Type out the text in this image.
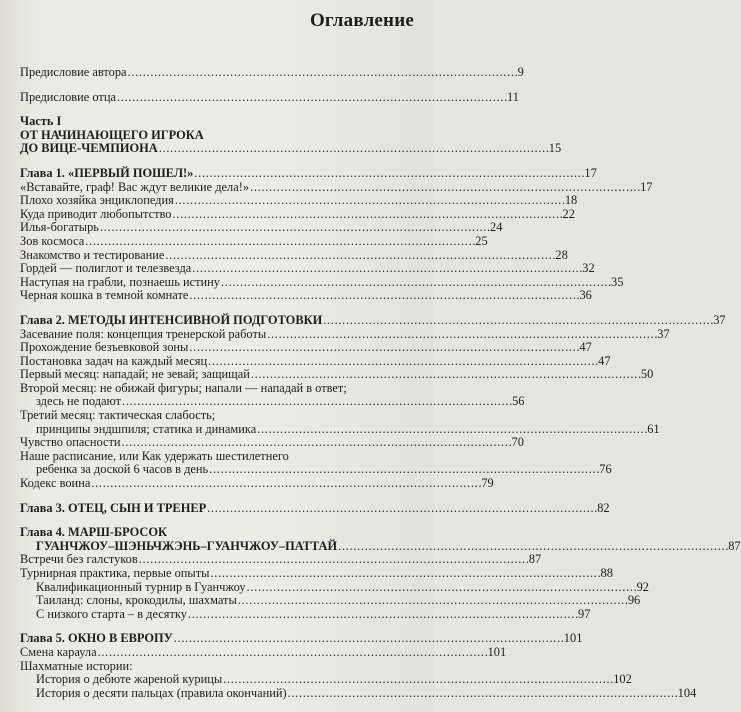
Оглавление
Предисловие автора . . .	9
Предисловие отца . . .	11
Часть I
ОТ НАЧИНАЮЩЕГО ИГРОКА
ДО ВИЦЕ-ЧЕМПИОНА . . .	15
Глава 1. «ПЕРВЫЙ ПОШЕЛ!» . . .	17
«Вставайте, граф! Вас ждут великие дела!» . . .	17
Плохо хозяйка энциклопедия . . .	18
Куда приводит любопытство . . .	22
Илья-богатырь . . .	24
Зов космоса . . .	25
Знакомство и тестирование . . .	28
Гордей — полиглот и телезвезда . . .	32
Наступая на грабли, познаешь истину . . .	35
Черная кошка в темной комнате . . .	36
Глава 2. МЕТОДЫ ИНТЕНСИВНОЙ ПОДГОТОВКИ . . .	37
Засевание поля: концепция тренерской работы . . .	37
Прохождение безъевковой зоны . . .	47
Постановка задач на каждый месяц . . .	47
Первый месяц: нападай; не зевай; защищай . . .	50
Второй месяц: не обижай фигуры; напали — нападай в ответ;
здесь не подают . . .	56
Третий месяц: тактическая слабость;
принципы эндшпиля; статика и динамика . . .	61
Чувство опасности . . .	70
Наше расписание, или Как удержать шестилетнего
ребенка за доской 6 часов в день . . .	76
Кодекс воина . . .	79
Глава 3. ОТЕЦ, СЫН И ТРЕНЕР . . .	82
Глава 4. МАРШ-БРОСОК
ГУАНЧЖОУ–ШЭНЬЧЖЭНЬ–ГУАНЧЖОУ–ПАТТАЙ . . .	87
Встречи без галстуков . . .	87
Турнирная практика, первые опыты . . .	88
Квалификационный турнир в Гуанчжоу . . .	92
Таиланд: слоны, крокодилы, шахматы . . .	96
С низкого старта – в десятку . . .	97
Глава 5. ОКНО В ЕВРОПУ . . .	101
Смена караула . . .	101
Шахматные истории:
История о дебюте жареной курицы . . .	102
История о десяти пальцах (правила окончаний) . . .	104
